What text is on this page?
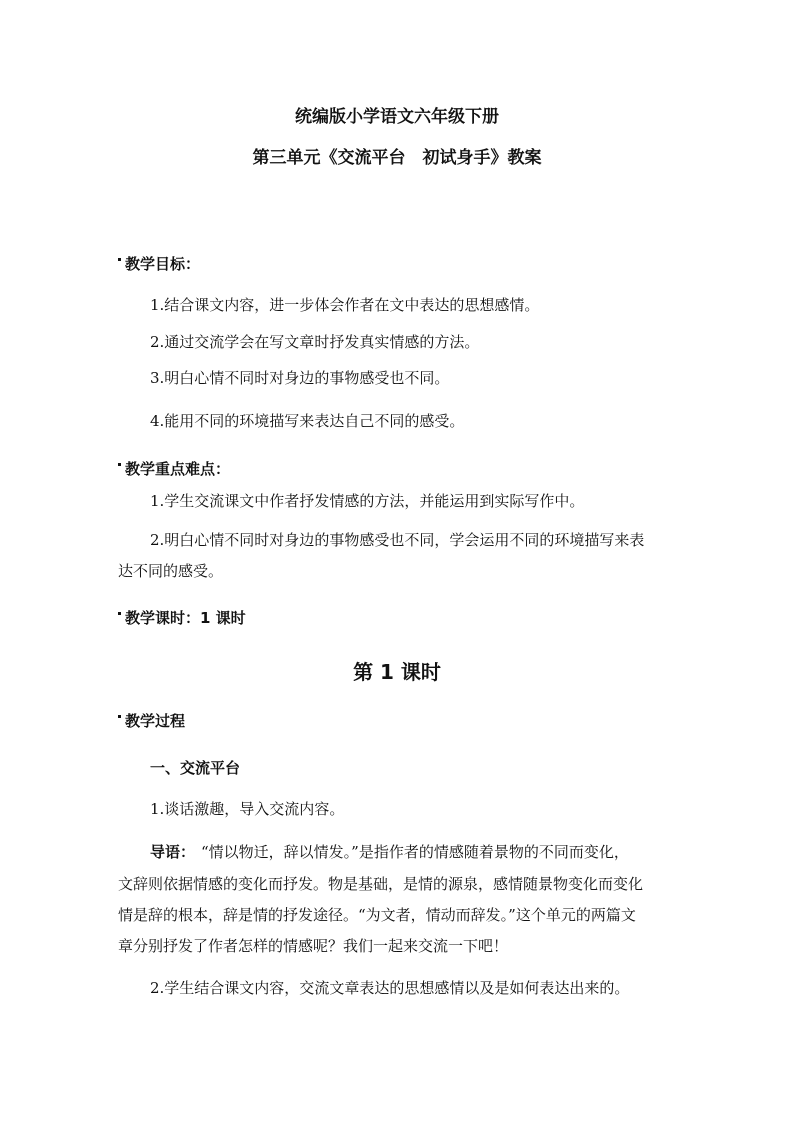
统编版小学语文六年级下册
第三单元《交流平台　初试身手》教案
教学目标：
1.结合课文内容，进一步体会作者在文中表达的思想感情。
2.通过交流学会在写文章时抒发真实情感的方法。
3.明白心情不同时对身边的事物感受也不同。
4.能用不同的环境描写来表达自己不同的感受。
教学重点难点：
1.学生交流课文中作者抒发情感的方法，并能运用到实际写作中。
2.明白心情不同时对身边的事物感受也不同，学会运用不同的环境描写来表
达不同的感受。
教学课时：1 课时
第 1 课时
教学过程
一、交流平台
1.谈话激趣，导入交流内容。
导语： “情以物迁，辞以情发。”是指作者的情感随着景物的不同而变化，
文辞则依据情感的变化而抒发。物是基础，是情的源泉，感情随景物变化而变化
情是辞的根本，辞是情的抒发途径。“为文者，情动而辞发。”这个单元的两篇文
章分别抒发了作者怎样的情感呢？我们一起来交流一下吧！
2.学生结合课文内容，交流文章表达的思想感情以及是如何表达出来的。
